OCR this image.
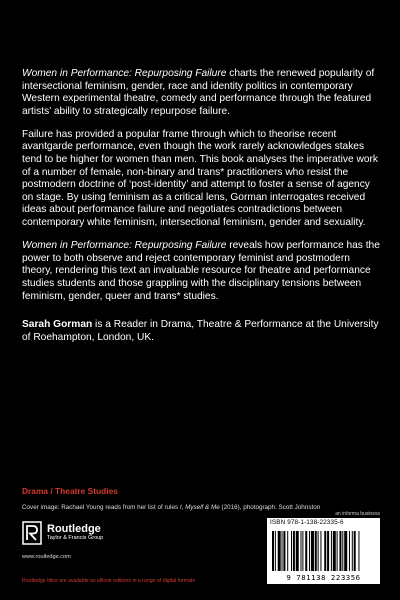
Women in Performance: Repurposing Failure charts the renewed popularity of intersectional feminism, gender, race and identity politics in contemporary Western experimental theatre, comedy and performance through the featured artists’ ability to strategically repurpose failure.

Failure has provided a popular frame through which to theorise recent avantgarde performance, even though the work rarely acknowledges stakes tend to be higher for women than men. This book analyses the imperative work of a number of female, non-binary and trans* practitioners who resist the postmodern doctrine of ‘post-identity’ and attempt to foster a sense of agency on stage. By using feminism as a critical lens, Gorman interrogates received ideas about performance failure and negotiates contradictions between contemporary white feminism, intersectional feminism, gender and sexuality.

Women in Performance: Repurposing Failure reveals how performance has the power to both observe and reject contemporary feminist and postmodern theory, rendering this text an invaluable resource for theatre and performance studies students and those grappling with the disciplinary tensions between feminism, gender, queer and trans* studies.

Sarah Gorman is a Reader in Drama, Theatre & Performance at the University of Roehampton, London, UK.

Drama / Theatre Studies
Cover image: Rachael Young reads from her list of rules I, Myself & Me (2016), photograph: Scott Johnston
Routledge
Taylor & Francis Group
www.routledge.com
Routledge titles are available as eBook editions in a range of digital formats
an informa business
ISBN 978-1-138-22335-6
9 781138 223356
